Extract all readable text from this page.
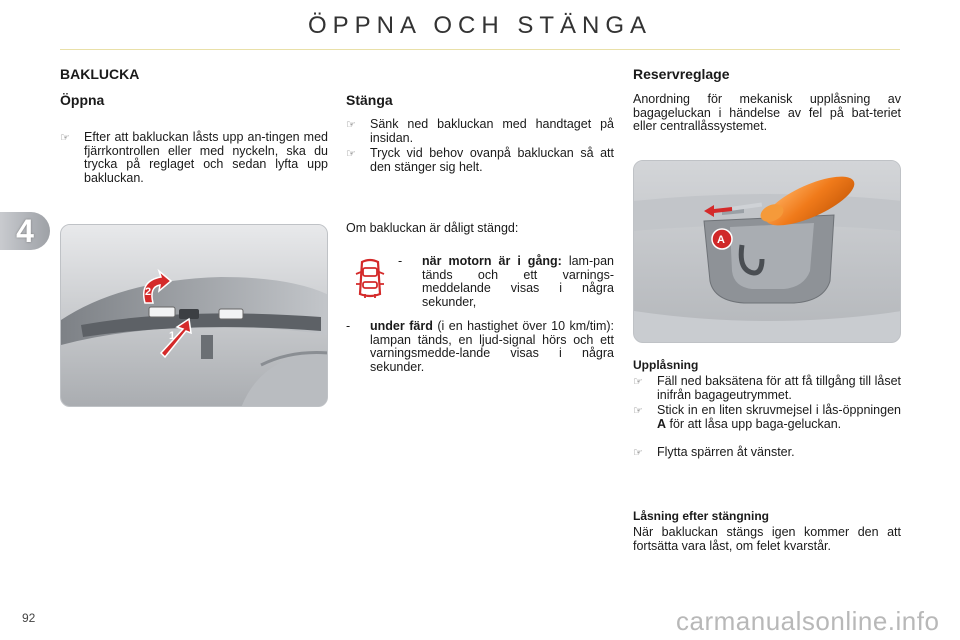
ÖPPNA OCH STÄNGA
4
BAKLUCKA
Öppna
☞	Efter att bakluckan låsts upp an-tingen med fjärrkontrollen eller med nyckeln, ska du trycka på reglaget och sedan lyfta upp bakluckan.
1
2
Stänga
☞	Sänk ned bakluckan med handtaget på insidan.
☞	Tryck vid behov ovanpå bakluckan så att den stänger sig helt.
Om bakluckan är dåligt stängd:
-	när motorn är i gång: lam-pan tänds och ett varnings-meddelande visas i några sekunder,
-	under färd (i en hastighet över 10 km/tim): lampan tänds, en ljud-signal hörs och ett varningsmedde-lande visas i några sekunder.
Reservreglage
Anordning för mekanisk upplåsning av bagageluckan i händelse av fel på bat-teriet eller centrallåssystemet.
A
Upplåsning
☞	Fäll ned baksätena för att få tillgång till låset inifrån bagageutrymmet.
☞	Stick in en liten skruvmejsel i lås-öppningen A för att låsa upp baga-geluckan.
☞	Flytta spärren åt vänster.
Låsning efter stängning
När bakluckan stängs igen kommer den att fortsätta vara låst, om felet kvarstår.
92	carmanualsonline.info
